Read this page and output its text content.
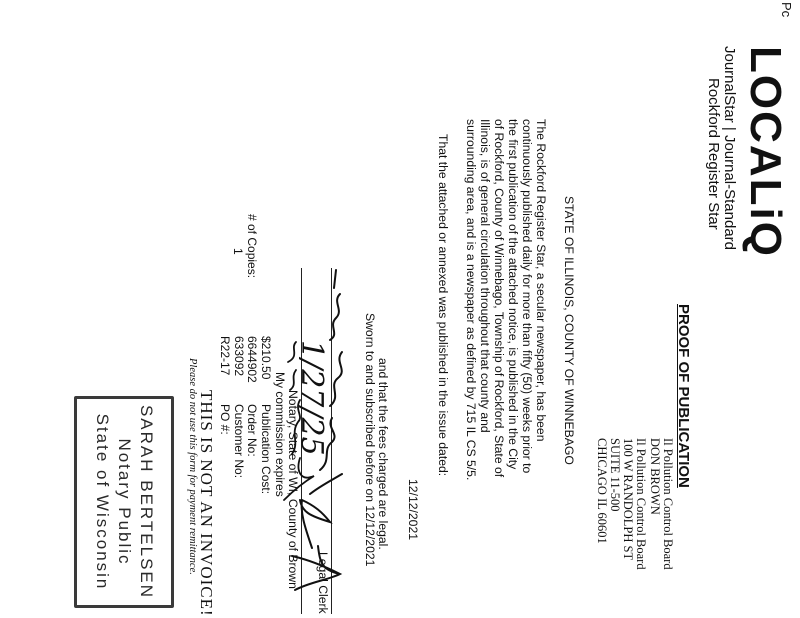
Pc
LOCALiQ
JournalStar | Journal-Standard
Rockford Register Star
PROOF OF PUBLICATION
Il Pollution Control Board
DON BROWN
Il Pollution Control Board
100 W RANDOLPH ST
SUITE 11-500
CHICAGO IL 60601
STATE OF ILLINOIS, COUNTY OF WINNEBAGO
The Rockford Register Star, a secular newspaper, has been
continuously published daily for more than fifty (50) weeks prior to
the first publication of the attached notice, is published in the City
of Rockford, County of Winnebago, Township of Rockford, State of
Illinois, is of general circulation throughout that county and
surrounding area, and is a newspaper as defined by 715 IL CS 5/5.
That the attached or annexed was published in the issue dated:
12/12/2021
and that the fees charged are legal.
Sworn to and subscribed before on 12/12/2021
Legal Clerk
Notary, State of WI, County of Brown
1/27/25
My commission expires
Publication Cost:
Order No:
Customer No:
PO #:
$210.50
6644902
633092
R22-17
# of Copies:
1
THIS IS NOT AN INVOICE!
Please do not use this form for payment remittance.
SARAH BERTELSEN
Notary Public
State of Wisconsin
